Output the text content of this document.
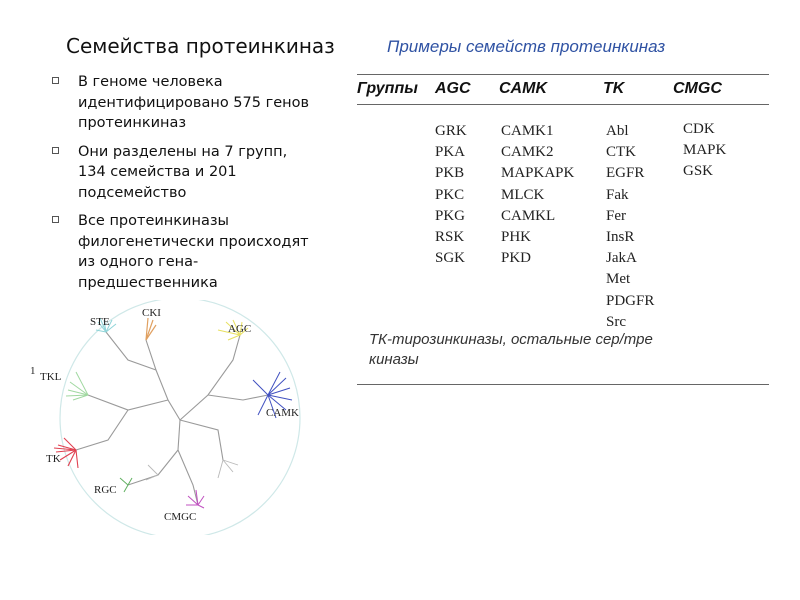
Семейства протеинкиназ
В геноме человека идентифицировано 575 генов протеинкиназ
Они разделены на 7 групп, 134 семейства и 201 подсемейство
Все протеинкиназы филогенетически происходят из одного гена-предшественника
Примеры семейств протеинкиназ
Группы AGC CAMK	TK	CMGC
GRK
PKA
PKB
PKC
PKG
RSK
SGK
CAMK1
CAMK2
MAPKAPK
MLCK
CAMKL
PHK
PKD
Abl
CTK
EGFR
Fak
Fer
InsR
JakA
Met
PDGFR
Src
CDK
MAPK
GSK
ТК-тирозинкиназы, остальные сер/тре киназы
STE
CKI
AGC
1 TKL
CAMK
TK
RGC
CMGC
